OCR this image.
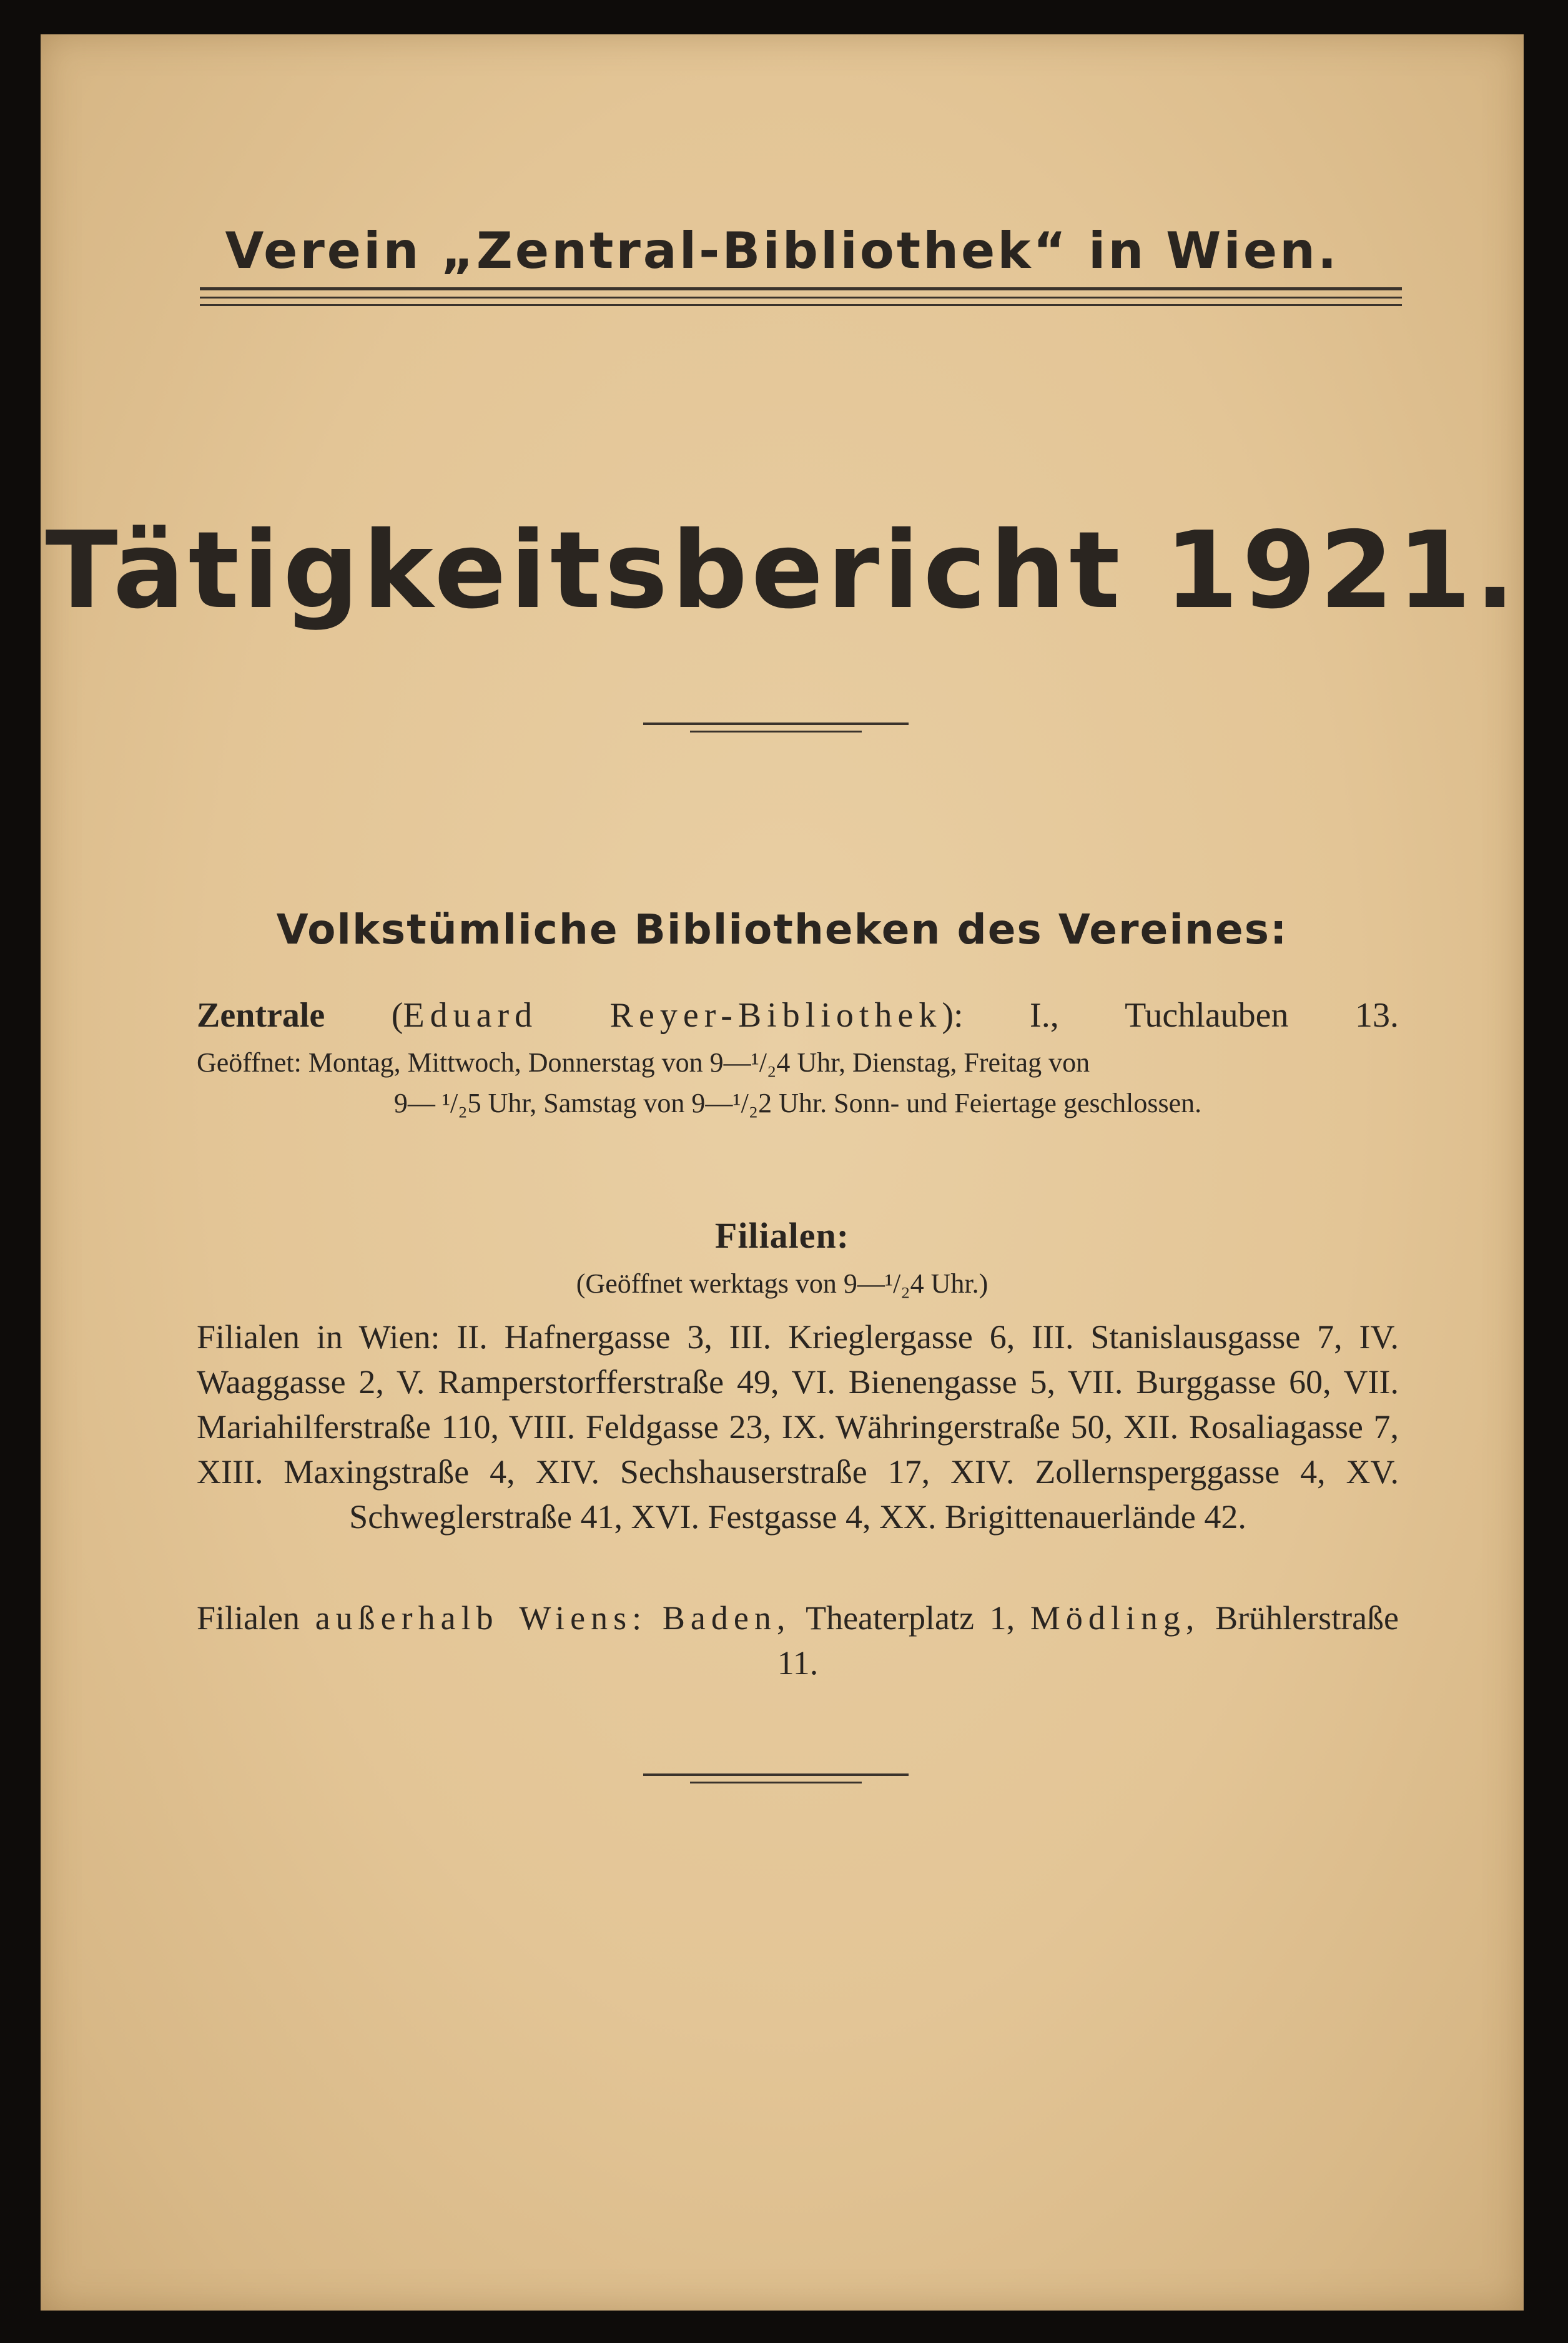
Verein „Zentral-Bibliothek“ in Wien.
Tätigkeitsbericht 1921.
Volkstümliche Bibliotheken des Vereines:
Zentrale (Eduard Reyer-Bibliothek): I., Tuchlauben 13.
Geöffnet: Montag, Mittwoch, Donnerstag von 9—¹/₂4 Uhr, Dienstag, Freitag von
9— ¹/₂5 Uhr, Samstag von 9—¹/₂2 Uhr. Sonn- und Feiertage geschlossen.
Filialen:
(Geöffnet werktags von 9—¹/₂4 Uhr.)
Filialen in Wien: II. Hafnergasse 3, III. Krieglergasse 6, III. Stanislausgasse 7, IV. Waaggasse 2, V. Ramperstorfferstraße 49, VI. Bienengasse 5, VII. Burggasse 60, VII. Mariahilferstraße 110, VIII. Feldgasse 23, IX. Währingerstraße 50, XII. Rosaliagasse 7, XIII. Maxingstraße 4, XIV. Sechshauserstraße 17, XIV. Zollernsperggasse 4, XV. Schweglerstraße 41, XVI. Festgasse 4, XX. Brigittenauerlände 42.
Filialen außerhalb Wiens: Baden, Theaterplatz 1, Mödling, Brühlerstraße 11.
